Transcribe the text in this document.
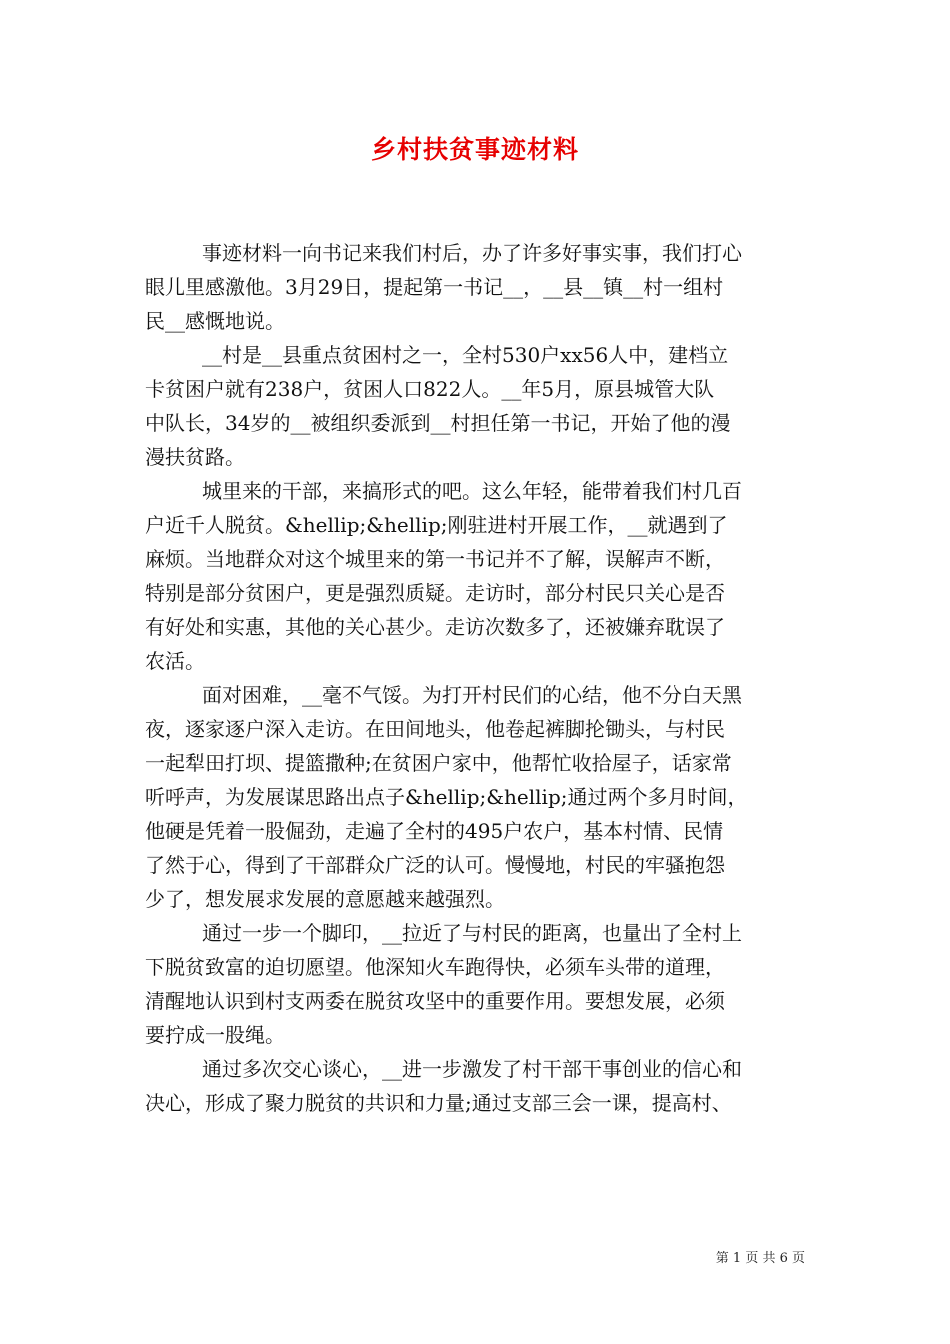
乡村扶贫事迹材料

事迹材料一向书记来我们村后，办了许多好事实事，我们打心
眼儿里感激他。3月29日，提起第一书记__，__县__镇__村一组村
民__感慨地说。

__村是__县重点贫困村之一，全村530户xx56人中，建档立
卡贫困户就有238户，贫困人口822人。__年5月，原县城管大队
中队长，34岁的__被组织委派到__村担任第一书记，开始了他的漫
漫扶贫路。

城里来的干部，来搞形式的吧。这么年轻，能带着我们村几百
户近千人脱贫。&hellip;&hellip;刚驻进村开展工作，__就遇到了
麻烦。当地群众对这个城里来的第一书记并不了解，误解声不断，
特别是部分贫困户，更是强烈质疑。走访时，部分村民只关心是否
有好处和实惠，其他的关心甚少。走访次数多了，还被嫌弃耽误了
农活。

面对困难，__毫不气馁。为打开村民们的心结，他不分白天黑
夜，逐家逐户深入走访。在田间地头，他卷起裤脚抡锄头，与村民
一起犁田打坝、提篮撒种;在贫困户家中，他帮忙收拾屋子，话家常
听呼声，为发展谋思路出点子&hellip;&hellip;通过两个多月时间，
他硬是凭着一股倔劲，走遍了全村的495户农户，基本村情、民情
了然于心，得到了干部群众广泛的认可。慢慢地，村民的牢骚抱怨
少了，想发展求发展的意愿越来越强烈。

通过一步一个脚印，__拉近了与村民的距离，也量出了全村上
下脱贫致富的迫切愿望。他深知火车跑得快，必须车头带的道理，
清醒地认识到村支两委在脱贫攻坚中的重要作用。要想发展，必须
要拧成一股绳。

通过多次交心谈心，__进一步激发了村干部干事创业的信心和
决心，形成了聚力脱贫的共识和力量;通过支部三会一课，提高村、

第 1 页 共 6 页
